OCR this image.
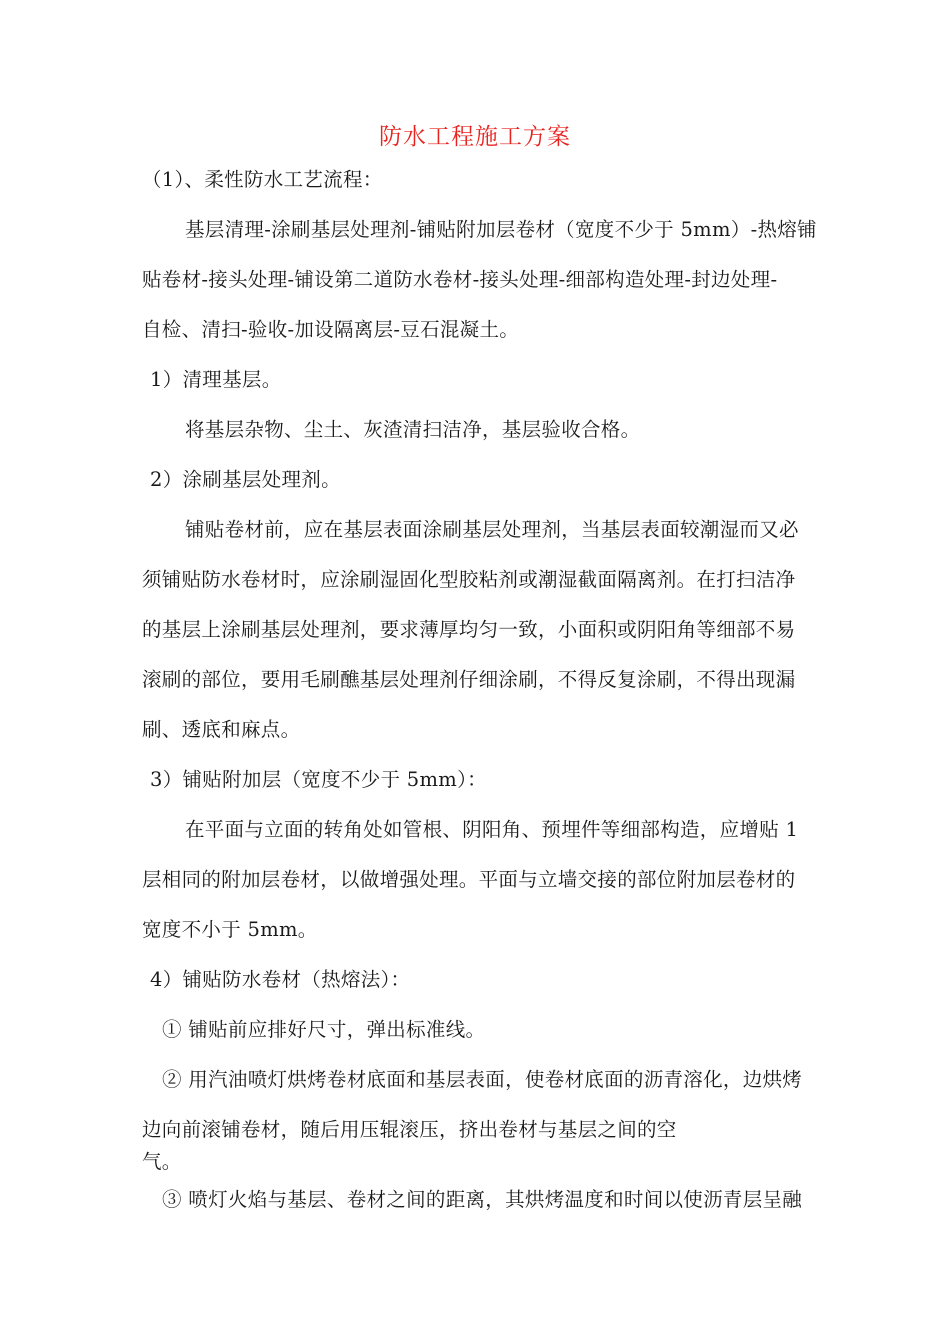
防水工程施工方案
（1）、柔性防水工艺流程：
基层清理-涂刷基层处理剂-铺贴附加层卷材（宽度不少于 5mm）-热熔铺
贴卷材-接头处理-铺设第二道防水卷材-接头处理-细部构造处理-封边处理-
自检、清扫-验收-加设隔离层-豆石混凝土。
1）清理基层。
将基层杂物、尘土、灰渣清扫洁净，基层验收合格。
2）涂刷基层处理剂。
铺贴卷材前，应在基层表面涂刷基层处理剂，当基层表面较潮湿而又必
须铺贴防水卷材时，应涂刷湿固化型胶粘剂或潮湿截面隔离剂。在打扫洁净
的基层上涂刷基层处理剂，要求薄厚均匀一致，小面积或阴阳角等细部不易
滚刷的部位，要用毛刷醮基层处理剂仔细涂刷，不得反复涂刷，不得出现漏
刷、透底和麻点。
3）铺贴附加层（宽度不少于 5mm）：
在平面与立面的转角处如管根、阴阳角、预埋件等细部构造，应增贴 1
层相同的附加层卷材，以做增强处理。平面与立墙交接的部位附加层卷材的
宽度不小于 5mm。
4）铺贴防水卷材（热熔法）：
① 铺贴前应排好尺寸，弹出标准线。
② 用汽油喷灯烘烤卷材底面和基层表面，使卷材底面的沥青溶化，边烘烤
边向前滚铺卷材，随后用压辊滚压，挤出卷材与基层之间的空
气。
③ 喷灯火焰与基层、卷材之间的距离，其烘烤温度和时间以使沥青层呈融
